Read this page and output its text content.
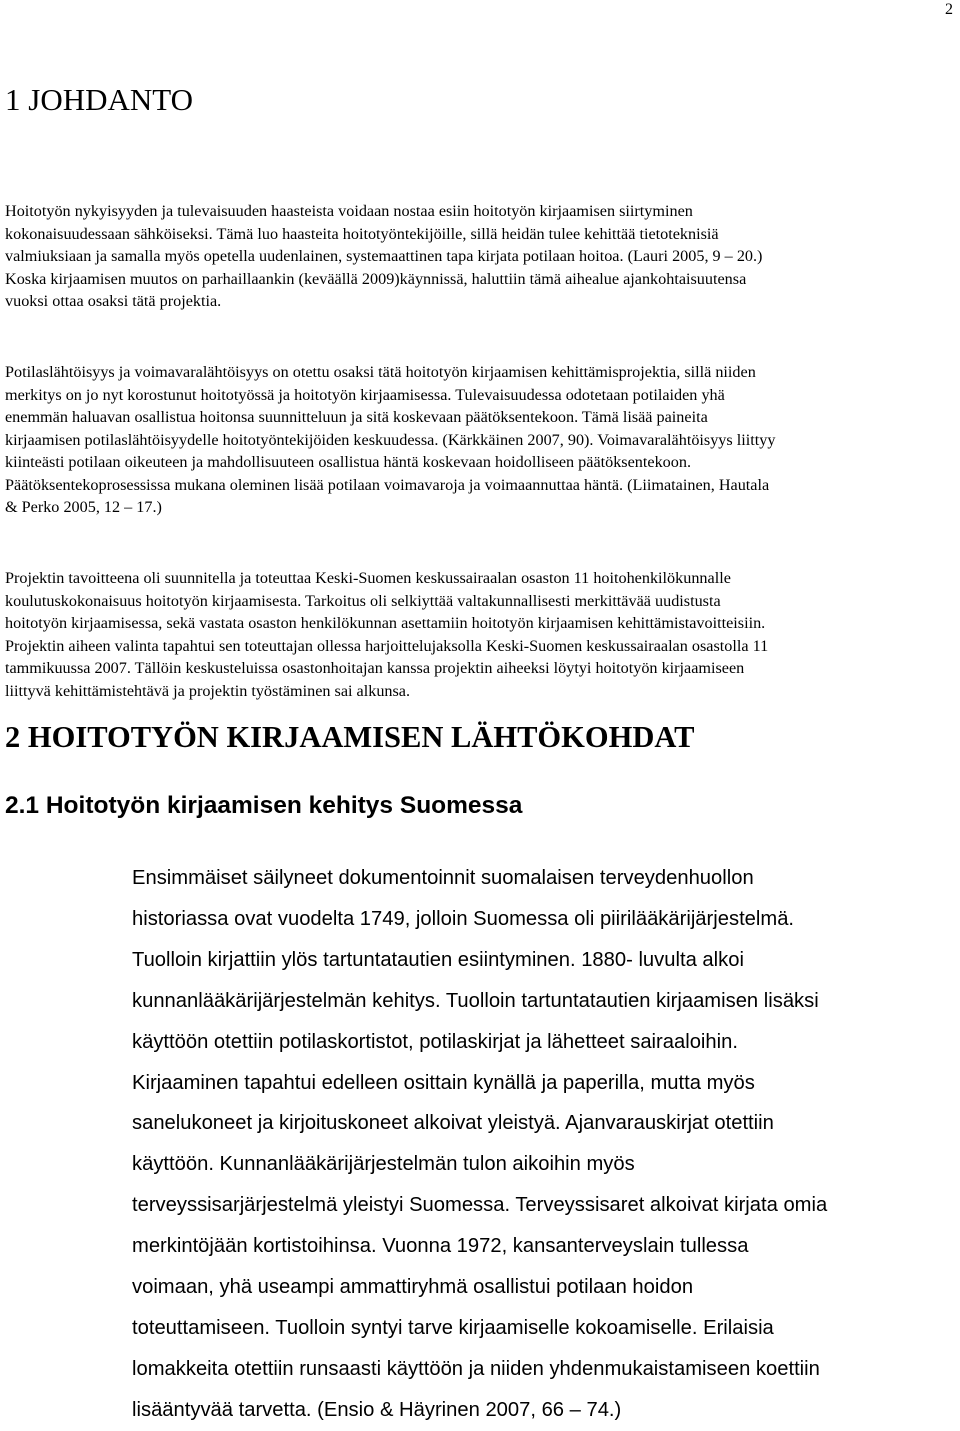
2
1 JOHDANTO
Hoitotyön nykyisyyden ja tulevaisuuden haasteista voidaan nostaa esiin hoitotyön kirjaamisen siirtyminen
kokonaisuudessaan sähköiseksi. Tämä luo haasteita hoitotyöntekijöille, sillä heidän tulee kehittää tietoteknisiä
valmiuksiaan ja samalla myös opetella uudenlainen, systemaattinen tapa kirjata potilaan hoitoa. (Lauri 2005, 9 – 20.)
Koska kirjaamisen muutos on parhaillaankin (keväällä 2009)käynnissä, haluttiin tämä aihealue ajankohtaisuutensa
vuoksi ottaa osaksi tätä projektia.
Potilaslähtöisyys ja voimavaralähtöisyys on otettu osaksi tätä hoitotyön kirjaamisen kehittämisprojektia, sillä niiden
merkitys on jo nyt korostunut hoitotyössä ja hoitotyön kirjaamisessa. Tulevaisuudessa odotetaan potilaiden yhä
enemmän haluavan osallistua hoitonsa suunnitteluun ja sitä koskevaan päätöksentekoon. Tämä lisää paineita
kirjaamisen potilaslähtöisyydelle hoitotyöntekijöiden keskuudessa. (Kärkkäinen 2007, 90). Voimavaralähtöisyys liittyy
kiinteästi potilaan oikeuteen ja mahdollisuuteen osallistua häntä koskevaan hoidolliseen päätöksentekoon.
Päätöksentekoprosessissa mukana oleminen lisää potilaan voimavaroja ja voimaannuttaa häntä. (Liimatainen, Hautala
& Perko 2005, 12 – 17.)
Projektin tavoitteena oli suunnitella ja toteuttaa Keski-Suomen keskussairaalan osaston 11 hoitohenkilökunnalle
koulutuskokonaisuus hoitotyön kirjaamisesta. Tarkoitus oli selkiyttää valtakunnallisesti merkittävää uudistusta
hoitotyön kirjaamisessa, sekä vastata osaston henkilökunnan asettamiin hoitotyön kirjaamisen kehittämistavoitteisiin.
Projektin aiheen valinta tapahtui sen toteuttajan ollessa harjoittelujaksolla Keski-Suomen keskussairaalan osastolla 11
tammikuussa 2007. Tällöin keskusteluissa osastonhoitajan kanssa projektin aiheeksi löytyi hoitotyön kirjaamiseen
liittyvä kehittämistehtävä ja projektin työstäminen sai alkunsa.
2 HOITOTYÖN KIRJAAMISEN LÄHTÖKOHDAT
2.1 Hoitotyön kirjaamisen kehitys Suomessa
Ensimmäiset säilyneet dokumentoinnit suomalaisen terveydenhuollon
historiassa ovat vuodelta 1749, jolloin Suomessa oli piirilääkärijärjestelmä.
Tuolloin kirjattiin ylös tartuntatautien esiintyminen. 1880- luvulta alkoi
kunnanlääkärijärjestelmän kehitys. Tuolloin tartuntatautien kirjaamisen lisäksi
käyttöön otettiin potilaskortistot, potilaskirjat ja lähetteet sairaaloihin.
Kirjaaminen tapahtui edelleen osittain kynällä ja paperilla, mutta myös
sanelukoneet ja kirjoituskoneet alkoivat yleistyä. Ajanvarauskirjat otettiin
käyttöön. Kunnanlääkärijärjestelmän tulon aikoihin myös
terveyssisarjärjestelmä yleistyi Suomessa. Terveyssisaret alkoivat kirjata omia
merkintöjään kortistoihinsa. Vuonna 1972, kansanterveyslain tullessa
voimaan, yhä useampi ammattiryhmä osallistui potilaan hoidon
toteuttamiseen. Tuolloin syntyi tarve kirjaamiselle kokoamiselle. Erilaisia
lomakkeita otettiin runsaasti käyttöön ja niiden yhdenmukaistamiseen koettiin
lisääntyvää tarvetta. (Ensio & Häyrinen 2007, 66 – 74.)
